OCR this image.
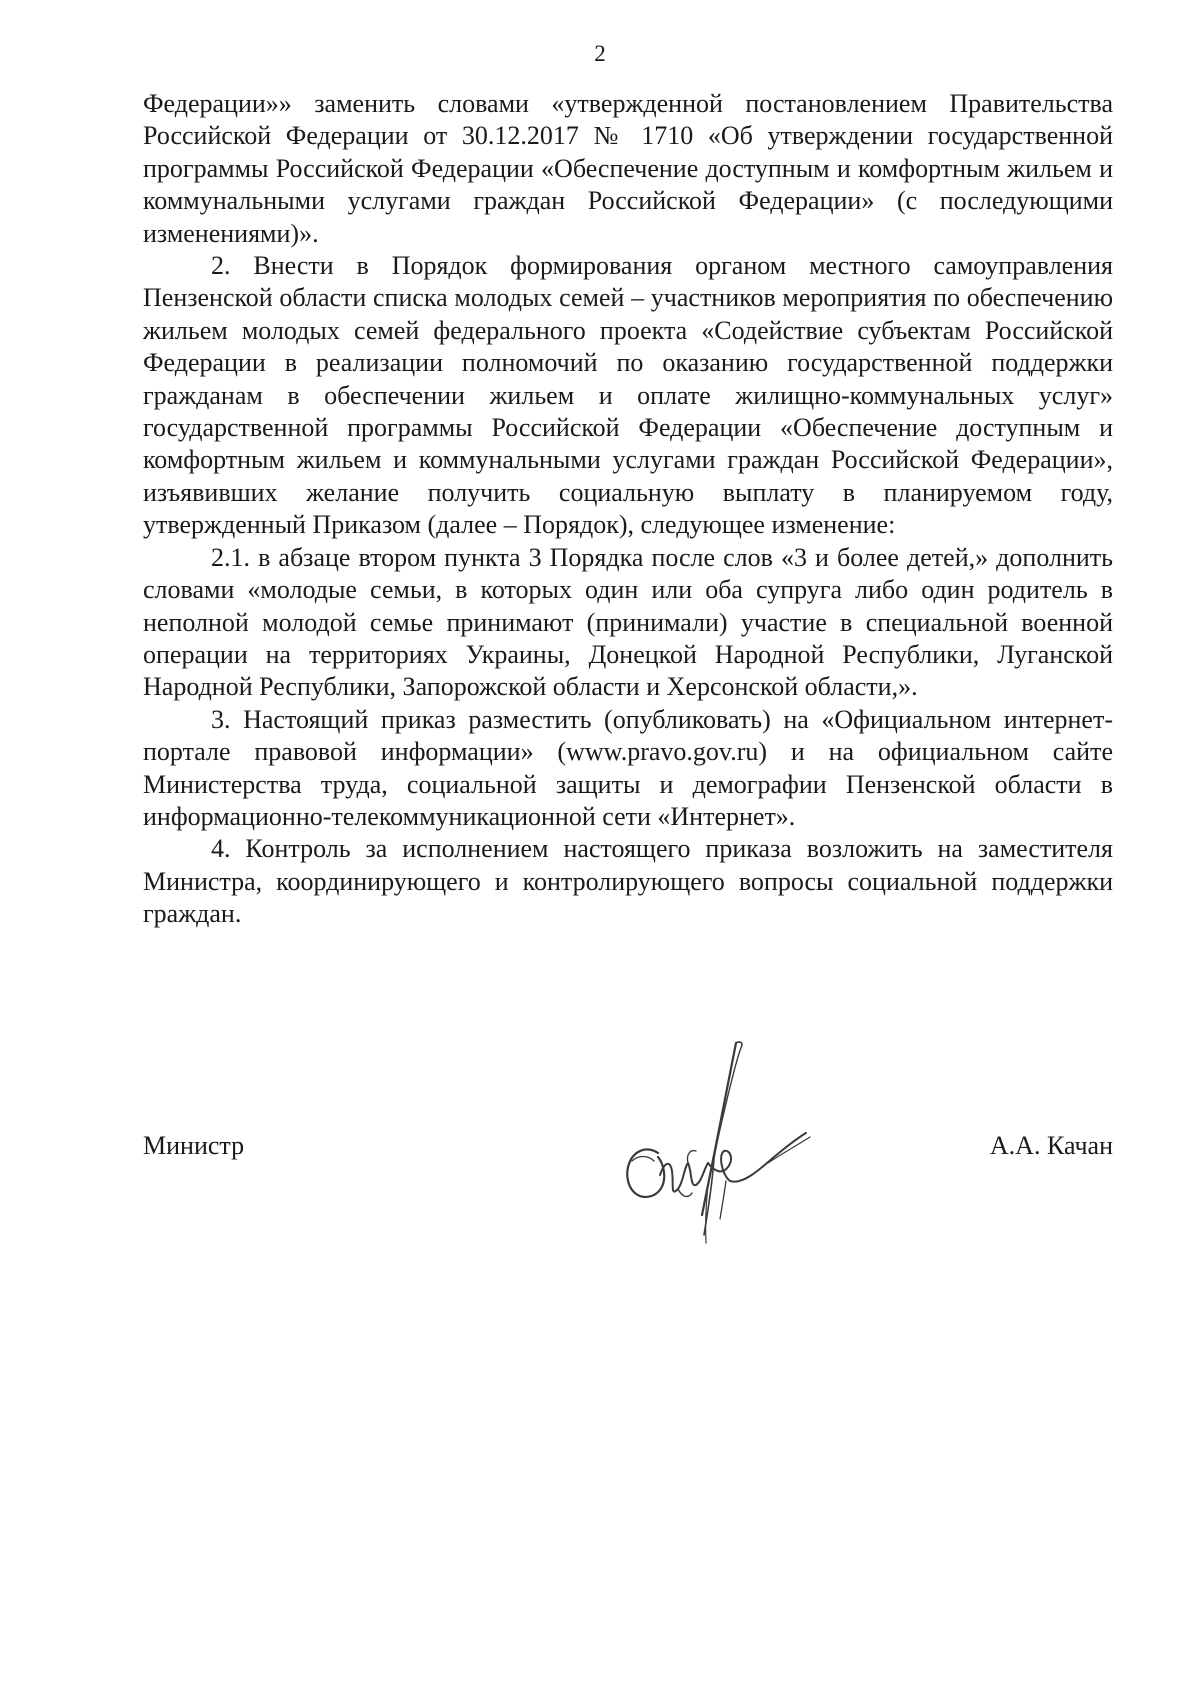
2

Федерации»» заменить словами «утвержденной постановлением Правительства Российской Федерации от 30.12.2017 № 1710 «Об утверждении государственной программы Российской Федерации «Обеспечение доступным и комфортным жильем и коммунальными услугами граждан Российской Федерации» (с последующими изменениями)».

2. Внести в Порядок формирования органом местного самоуправления Пензенской области списка молодых семей – участников мероприятия по обеспечению жильем молодых семей федерального проекта «Содействие субъектам Российской Федерации в реализации полномочий по оказанию государственной поддержки гражданам в обеспечении жильем и оплате жилищно-коммунальных услуг» государственной программы Российской Федерации «Обеспечение доступным и комфортным жильем и коммунальными услугами граждан Российской Федерации», изъявивших желание получить социальную выплату в планируемом году, утвержденный Приказом (далее – Порядок), следующее изменение:

2.1. в абзаце втором пункта 3 Порядка после слов «3 и более детей,» дополнить словами «молодые семьи, в которых один или оба супруга либо один родитель в неполной молодой семье принимают (принимали) участие в специальной военной операции на территориях Украины, Донецкой Народной Республики, Луганской Народной Республики, Запорожской области и Херсонской области,».

3. Настоящий приказ разместить (опубликовать) на «Официальном интернет-портале правовой информации» (www.pravo.gov.ru) и на официальном сайте Министерства труда, социальной защиты и демографии Пензенской области в информационно-телекоммуникационной сети «Интернет».

4. Контроль за исполнением настоящего приказа возложить на заместителя Министра, координирующего и контролирующего вопросы социальной поддержки граждан.

Министр	А.А. Качан
